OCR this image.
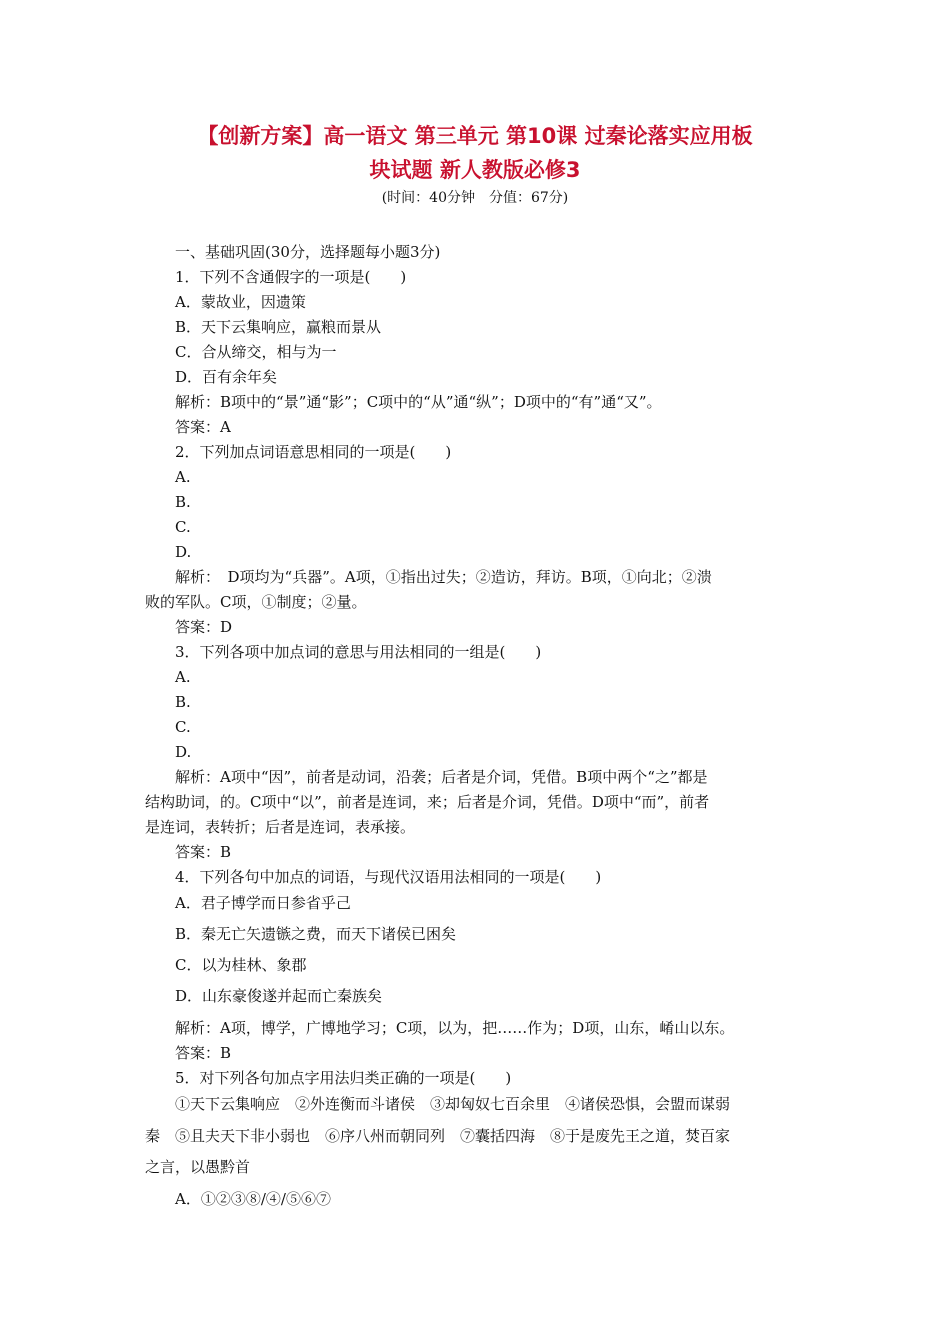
【创新方案】高一语文 第三单元 第10课 过秦论落实应用板
块试题 新人教版必修3
(时间：40分钟　分值：67分)
一、基础巩固(30分，选择题每小题3分)
1．下列不含通假字的一项是(　　)
A．蒙故业，因遗策
B．天下云集响应，赢粮而景从
C．合从缔交，相与为一
D．百有余年矣
解析：B项中的“景”通“影”；C项中的“从”通“纵”；D项中的“有”通“又”。
答案：A
2．下列加点词语意思相同的一项是(　　)
A.
B.
C.
D.
解析：　D项均为“兵器”。A项，①指出过失；②造访，拜访。B项，①向北；②溃
败的军队。C项，①制度；②量。
答案：D
3．下列各项中加点词的意思与用法相同的一组是(　　)
A.
B.
C.
D.
解析：A项中“因”，前者是动词，沿袭；后者是介词，凭借。B项中两个“之”都是
结构助词，的。C项中“以”，前者是连词，来；后者是介词，凭借。D项中“而”，前者
是连词，表转折；后者是连词，表承接。
答案：B
4．下列各句中加点的词语，与现代汉语用法相同的一项是(　　)
A．君子博学而日参省乎己
B．秦无亡矢遗镞之费，而天下诸侯已困矣
C．以为桂林、象郡
D．山东豪俊遂并起而亡秦族矣
解析：A项，博学，广博地学习；C项，以为，把……作为；D项，山东，崤山以东。
答案：B
5．对下列各句加点字用法归类正确的一项是(　　)
①天下云集响应　②外连衡而斗诸侯　③却匈奴七百余里　④诸侯恐惧，会盟而谋弱
秦　⑤且夫天下非小弱也　⑥序八州而朝同列　⑦囊括四海　⑧于是废先王之道，焚百家
之言，以愚黔首
A．①②③⑧/④/⑤⑥⑦
